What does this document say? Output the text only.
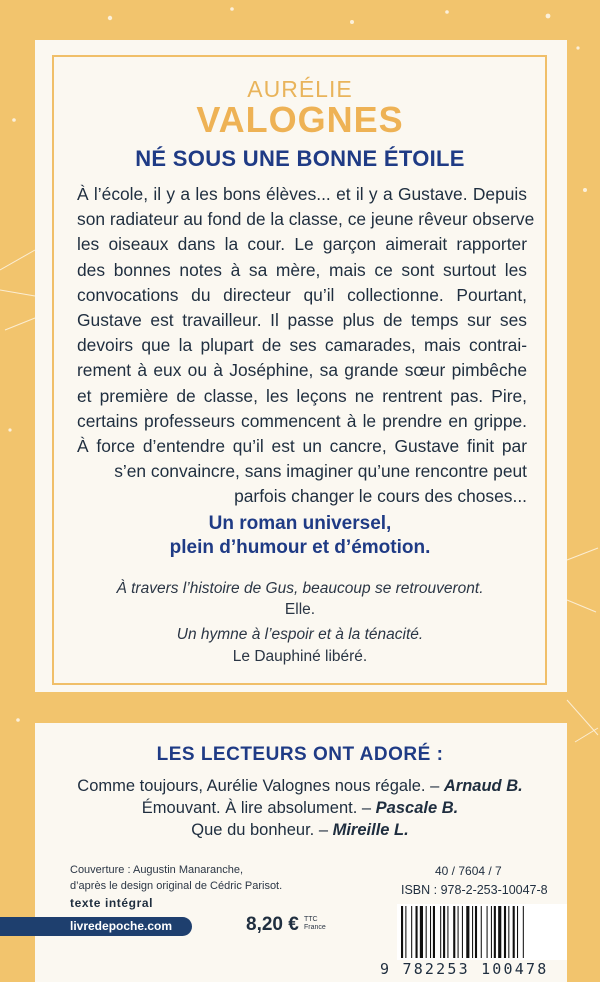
AURÉLIE
VALOGNES
NÉ SOUS UNE BONNE ÉTOILE
À l’école, il y a les bons élèves... et il y a Gustave. Depuis
son radiateur au fond de la classe, ce jeune rêveur observe
les oiseaux dans la cour. Le garçon aimerait rapporter
des bonnes notes à sa mère, mais ce sont surtout les
convocations du directeur qu’il collectionne. Pourtant,
Gustave est travailleur. Il passe plus de temps sur ses
devoirs que la plupart de ses camarades, mais contrai-
rement à eux ou à Joséphine, sa grande sœur pimbêche
et première de classe, les leçons ne rentrent pas. Pire,
certains professeurs commencent à le prendre en grippe.
À force d’entendre qu’il est un cancre, Gustave finit par
s’en convaincre, sans imaginer qu’une rencontre peut
parfois changer le cours des choses...
Un roman universel,
plein d’humour et d’émotion.
À travers l’histoire de Gus, beaucoup se retrouveront.
Elle.
Un hymne à l’espoir et à la ténacité.
Le Dauphiné libéré.
LES LECTEURS ONT ADORÉ :
Comme toujours, Aurélie Valognes nous régale. – Arnaud B.
Émouvant. À lire absolument. – Pascale B.
Que du bonheur. – Mireille L.
Couverture : Augustin Manaranche,
d’après le design original de Cédric Parisot.
texte intégral
livredepoche.com	8,20 € TTC
France
40 / 7604 / 7
ISBN : 978-2-253-10047-8
9 782253 100478
